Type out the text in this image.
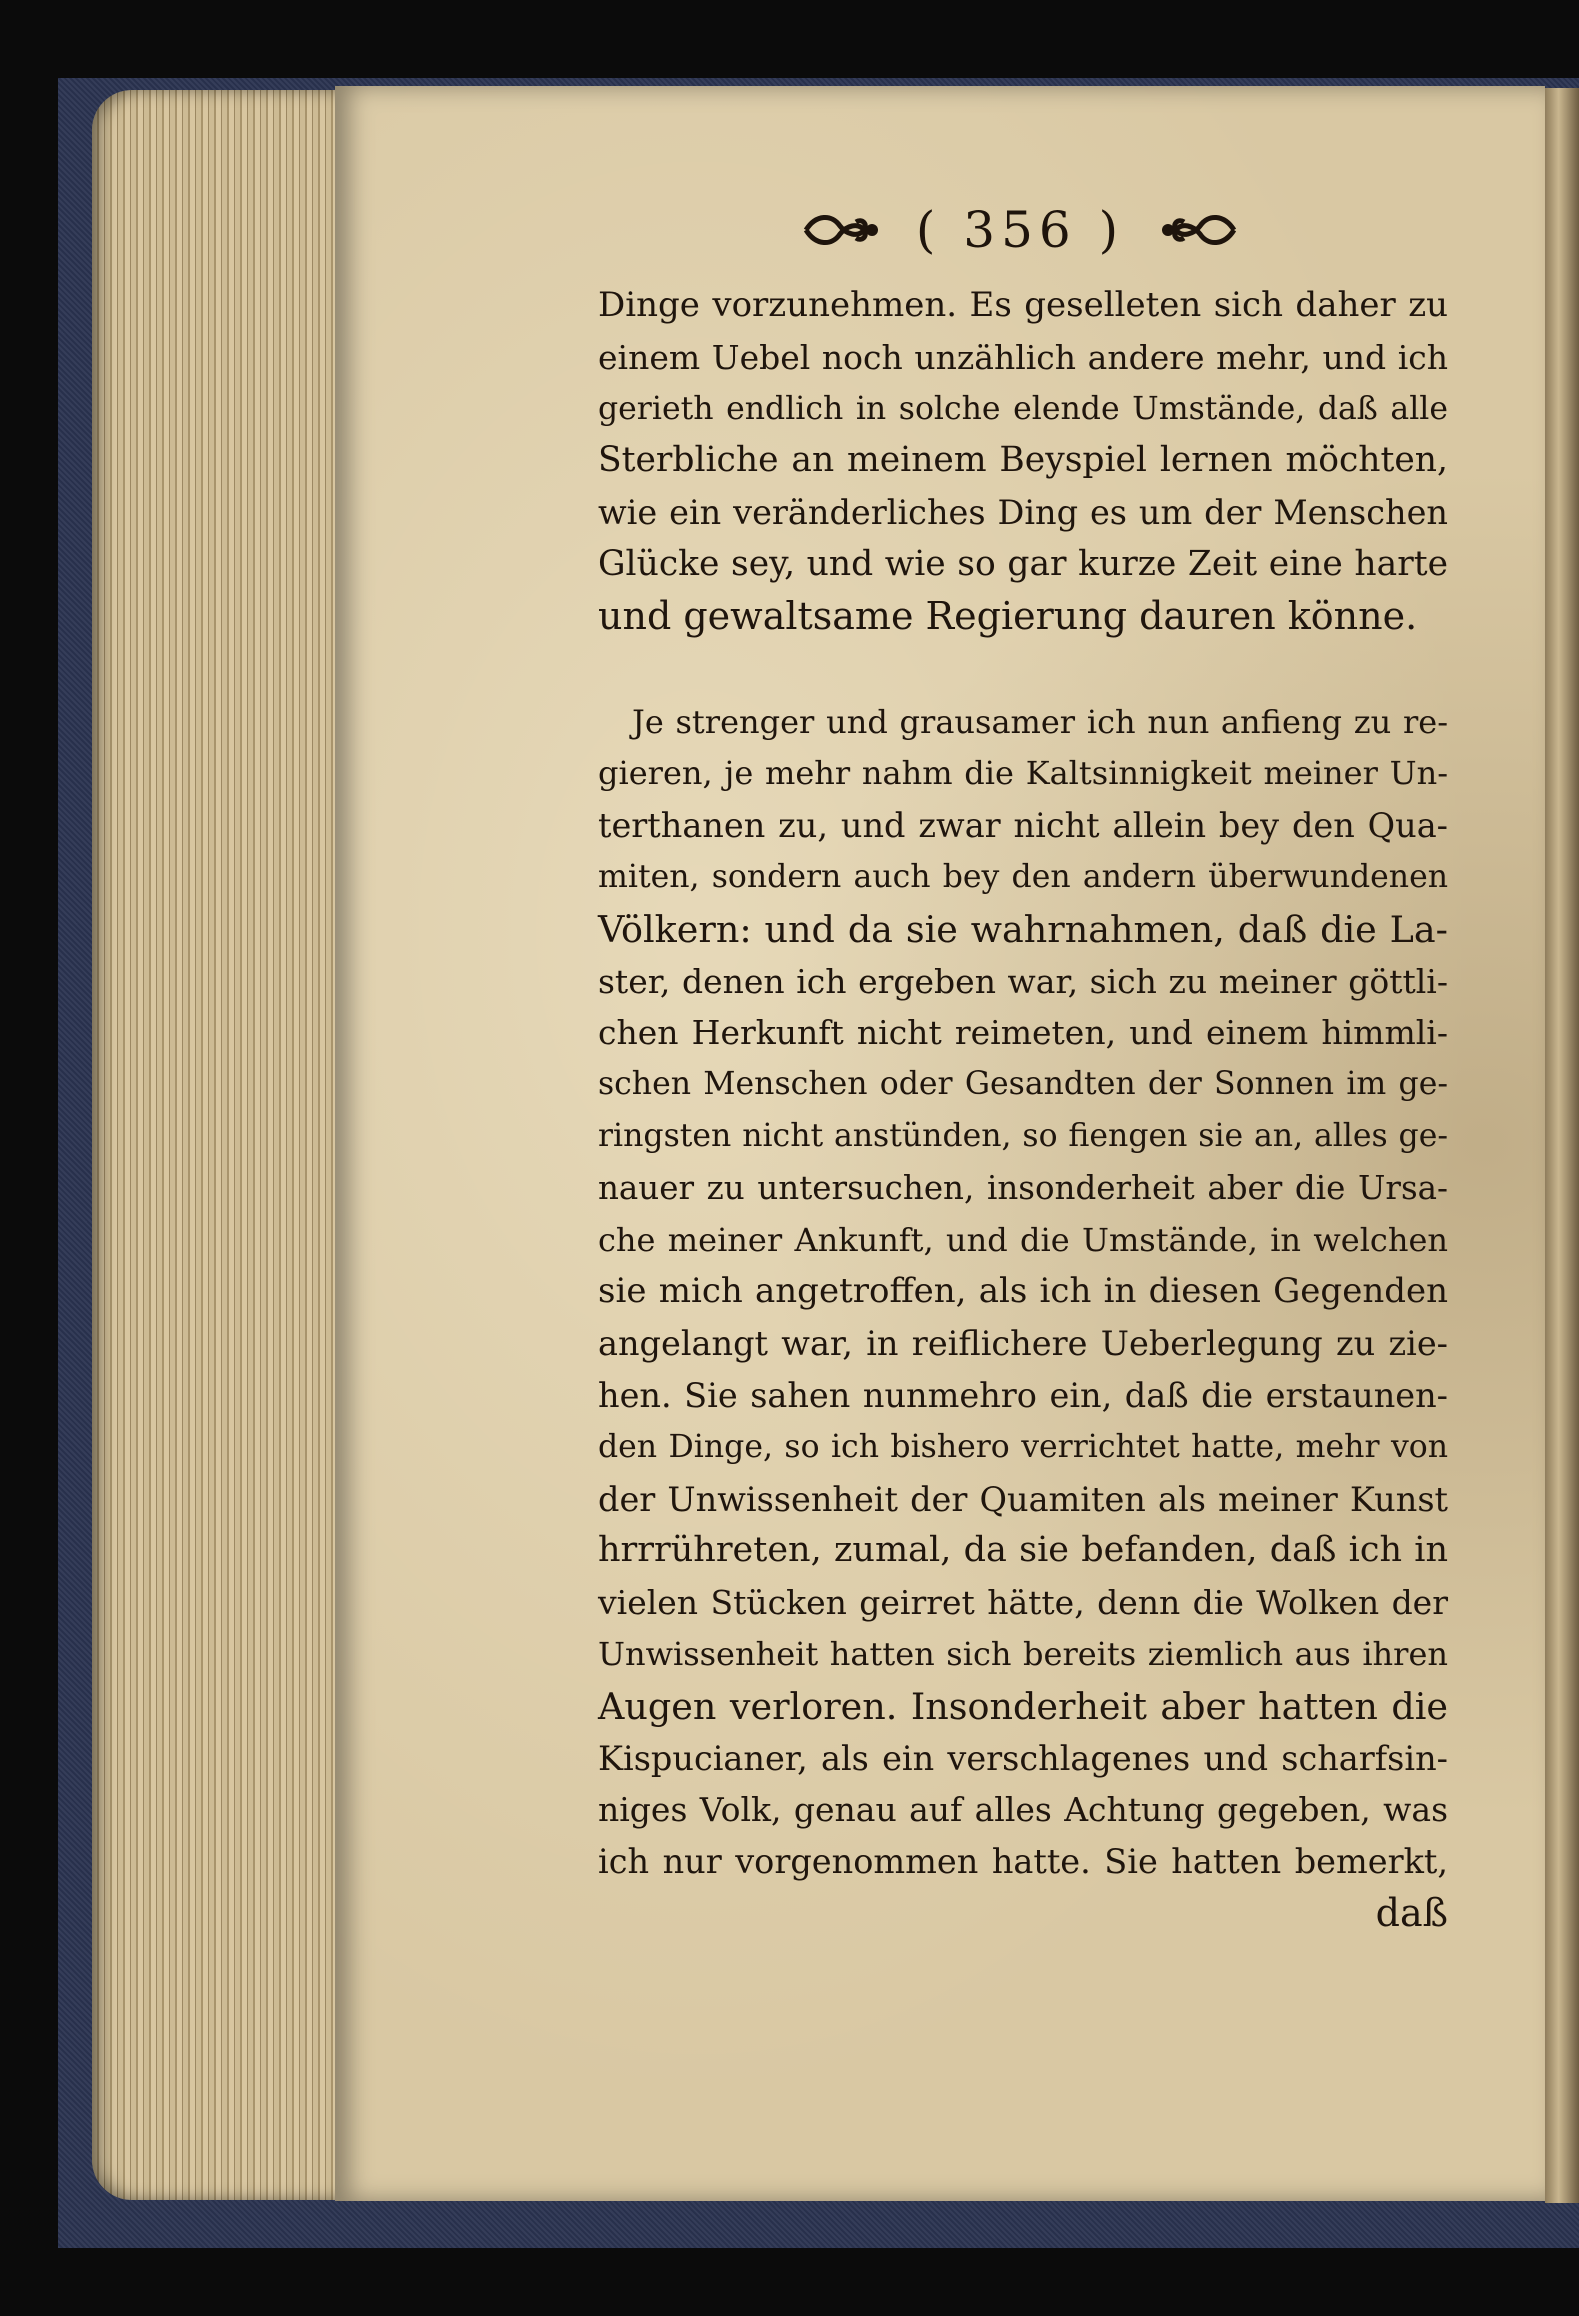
( 356 )
Dinge vorzunehmen. Es geselleten sich daher zu
einem Uebel noch unzählich andere mehr, und ich
gerieth endlich in solche elende Umstände, daß alle
Sterbliche an meinem Beyspiel lernen möchten,
wie ein veränderliches Ding es um der Menschen
Glücke sey, und wie so gar kurze Zeit eine harte
und gewaltsame Regierung dauren könne.
Je strenger und grausamer ich nun anfieng zu re-
gieren, je mehr nahm die Kaltsinnigkeit meiner Un-
terthanen zu, und zwar nicht allein bey den Qua-
miten, sondern auch bey den andern überwundenen
Völkern: und da sie wahrnahmen, daß die La-
ster, denen ich ergeben war, sich zu meiner göttli-
chen Herkunft nicht reimeten, und einem himmli-
schen Menschen oder Gesandten der Sonnen im ge-
ringsten nicht anstünden, so fiengen sie an, alles ge-
nauer zu untersuchen, insonderheit aber die Ursa-
che meiner Ankunft, und die Umstände, in welchen
sie mich angetroffen, als ich in diesen Gegenden
angelangt war, in reiflichere Ueberlegung zu zie-
hen. Sie sahen nunmehro ein, daß die erstaunen-
den Dinge, so ich bishero verrichtet hatte, mehr von
der Unwissenheit der Quamiten als meiner Kunst
hrrrühreten, zumal, da sie befanden, daß ich in
vielen Stücken geirret hätte, denn die Wolken der
Unwissenheit hatten sich bereits ziemlich aus ihren
Augen verloren. Insonderheit aber hatten die
Kispucianer, als ein verschlagenes und scharfsin-
niges Volk, genau auf alles Achtung gegeben, was
ich nur vorgenommen hatte. Sie hatten bemerkt,
daß
